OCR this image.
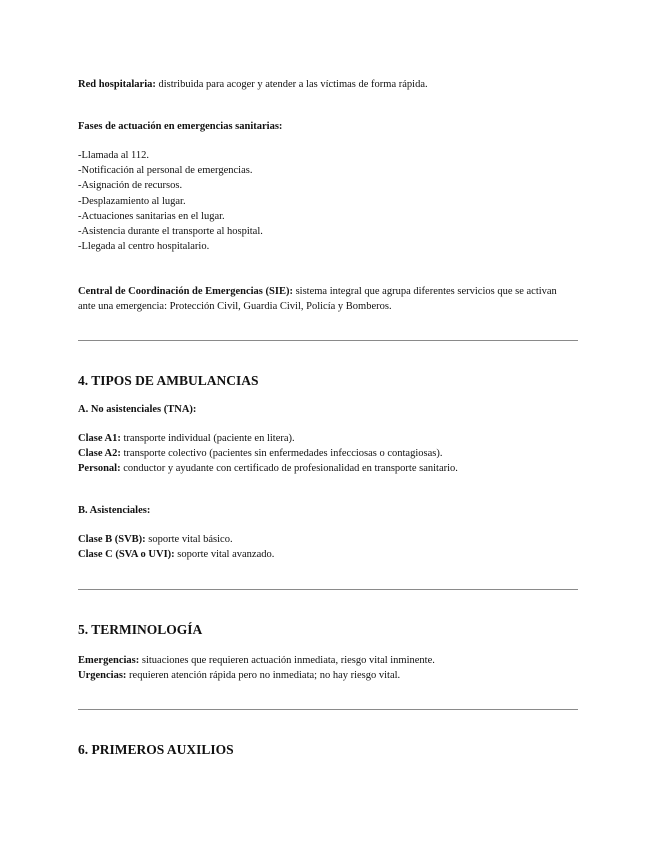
Red hospitalaria: distribuida para acoger y atender a las víctimas de forma rápida.

Fases de actuación en emergencias sanitarias:

-Llamada al 112.
-Notificación al personal de emergencias.
-Asignación de recursos.
-Desplazamiento al lugar.
-Actuaciones sanitarias en el lugar.
-Asistencia durante el transporte al hospital.
-Llegada al centro hospitalario.

Central de Coordinación de Emergencias (SIE): sistema integral que agrupa diferentes servicios que se activan ante una emergencia: Protección Civil, Guardia Civil, Policía y Bomberos.

4. TIPOS DE AMBULANCIAS

A. No asistenciales (TNA):

Clase A1: transporte individual (paciente en litera).

Clase A2: transporte colectivo (pacientes sin enfermedades infecciosas o contagiosas).

Personal: conductor y ayudante con certificado de profesionalidad en transporte sanitario.

B. Asistenciales:

Clase B (SVB): soporte vital básico.

Clase C (SVA o UVI): soporte vital avanzado.

5. TERMINOLOGÍA

Emergencias: situaciones que requieren actuación inmediata, riesgo vital inminente.

Urgencias: requieren atención rápida pero no inmediata; no hay riesgo vital.

6. PRIMEROS AUXILIOS
